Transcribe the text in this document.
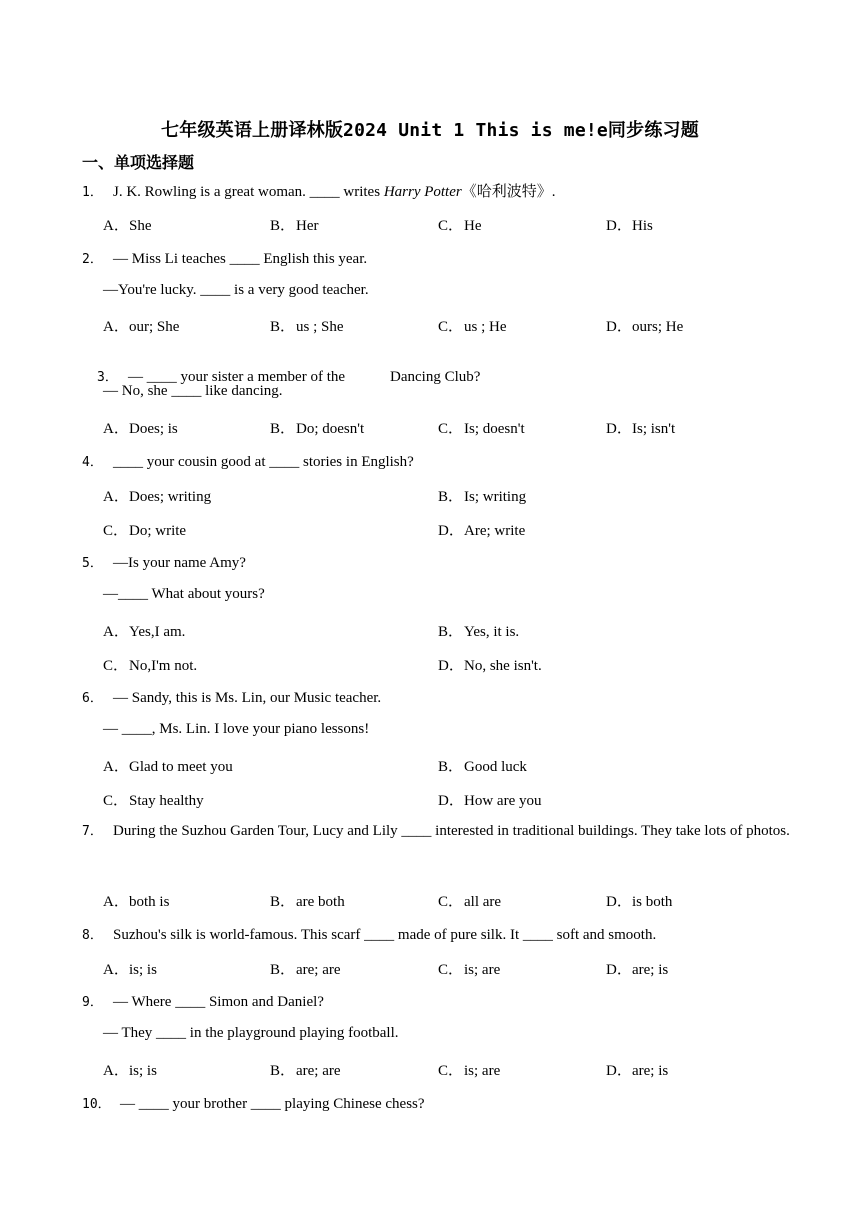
七年级英语上册译林版2024 Unit 1 This is me!e同步练习题
一、单项选择题
1． J. K. Rowling is a great woman. ____ writes Harry Potter《哈利波特》.
A．She	B．Her	C．He	D．His
2． — Miss Li teaches ____ English this year.
—You're lucky. ____ is a very good teacher.
A．our; She	B．us ; She	C．us ; He	D．ours; He

3． — ____ your sister a member of the            Dancing Club?

— No, she ____ like dancing.
A．Does; is	B．Do; doesn't	C．Is; doesn't	D．Is; isn't
4． ____ your cousin good at ____ stories in English?
A．Does; writing	B．Is; writing
C．Do; write	D．Are; write
5． —Is your name Amy?
—____ What about yours?
A．Yes,I am.	B．Yes, it is.
C．No,I'm not.	D．No, she isn't.
6． — Sandy, this is Ms. Lin, our Music teacher.
— ____, Ms. Lin. I love your piano lessons!
A．Glad to meet you	B．Good luck
C．Stay healthy	D．How are you
7． During the Suzhou Garden Tour, Lucy and Lily ____ interested in traditional buildings. They take lots of photos.
A．both is	B．are both	C．all are	D．is both
8． Suzhou's silk is world-famous. This scarf ____ made of pure silk. It ____ soft and smooth.
A．is; is	B．are; are	C．is; are	D．are; is
9． — Where ____ Simon and Daniel?
— They ____ in the playground playing football.
A．is; is	B．are; are	C．is; are	D．are; is
10． — ____ your brother ____ playing Chinese chess?
